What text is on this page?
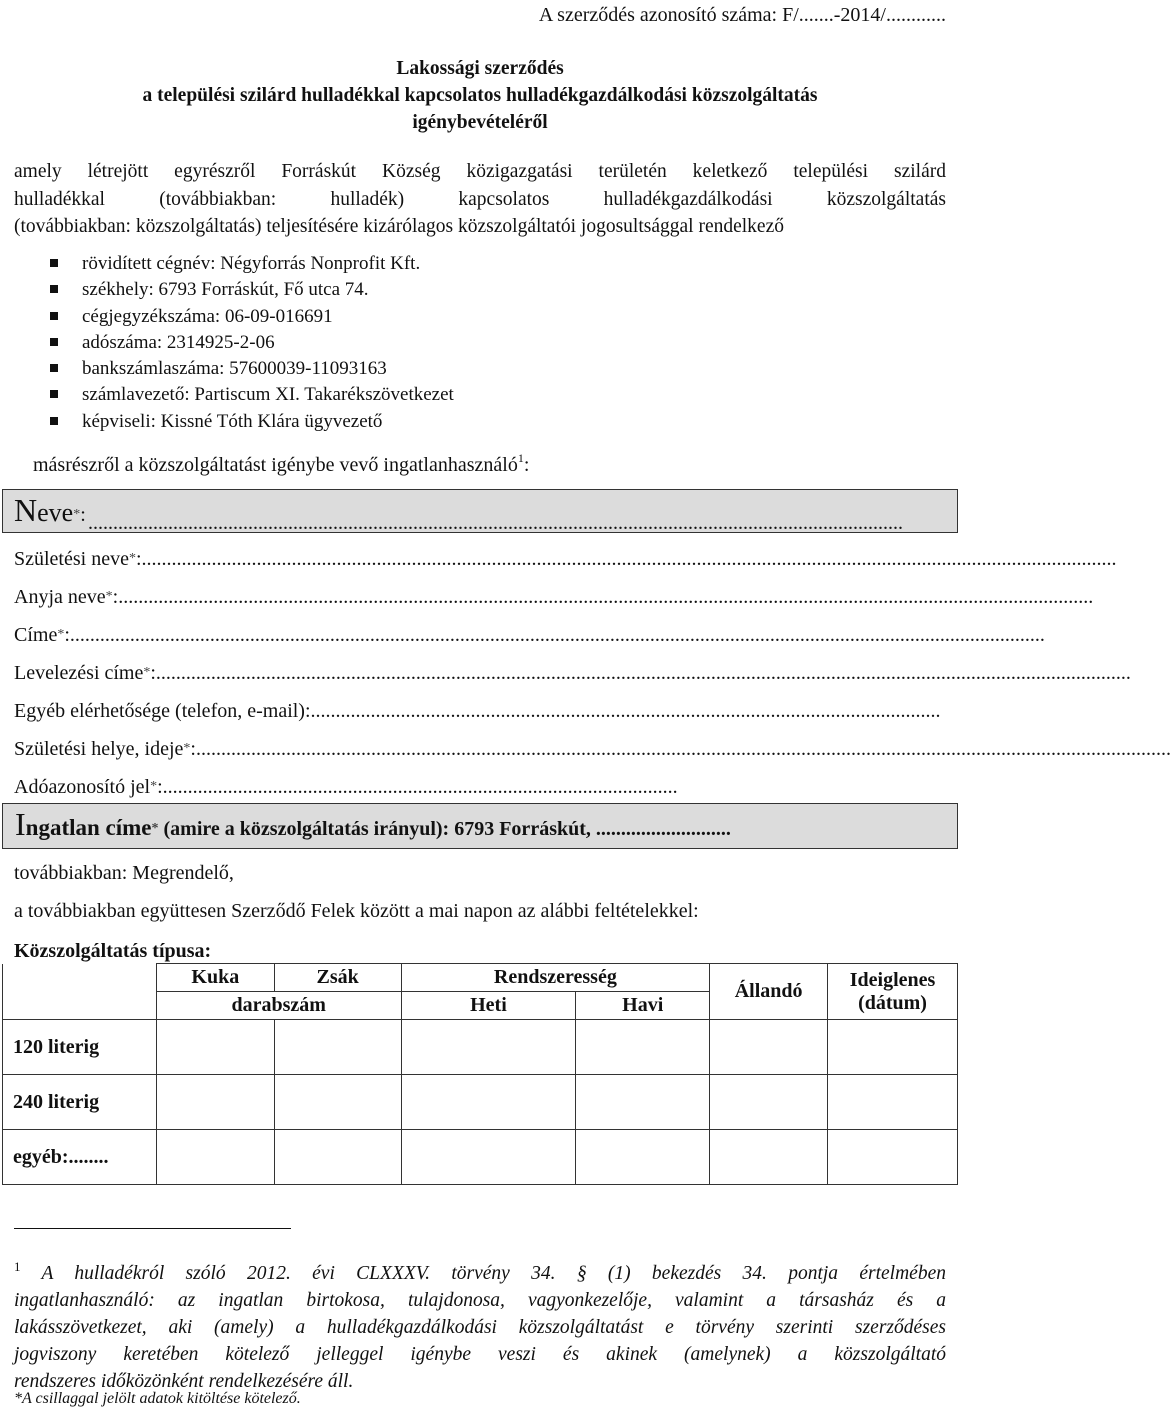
A szerződés azonosító száma: F/.......-2014/............
Lakossági szerződés
a települési szilárd hulladékkal kapcsolatos hulladékgazdálkodási közszolgáltatás
igénybevételéről
amely létrejött egyrészről Forráskút Község közigazgatási területén keletkező települési szilárd
hulladékkal (továbbiakban: hulladék) kapcsolatos hulladékgazdálkodási közszolgáltatás
(továbbiakban: közszolgáltatás) teljesítésére kizárólagos közszolgáltatói jogosultsággal rendelkező
rövidített cégnév: Négyforrás Nonprofit Kft.
székhely: 6793 Forráskút, Fő utca 74.
cégjegyzékszáma: 06-09-016691
adószáma: 2314925-2-06
bankszámlaszáma: 57600039-11093163
számlavezető: Partiscum XI. Takarékszövetkezet
képviseli: Kissné Tóth Klára ügyvezető
másrészről a közszolgáltatást igénybe vevő ingatlanhasználó$^1$:
Neve*: ...................................................................................................................................................................
Születési neve*:...................................................................................................................................................................................................
Anyja neve*:...................................................................................................................................................................................................
Címe*:...................................................................................................................................................................................................
Levelezési címe*:...................................................................................................................................................................................................
Egyéb elérhetősége (telefon, e-mail):..............................................................................................................................
Születési helye, ideje*:...................................................................................................................................................................................................
Adóazonosító jel*:.......................................................................................................
Ingatlan címe* (amire a közszolgáltatás irányul): 6793 Forráskút, ...........................
továbbiakban: Megrendelő,
a továbbiakban együttesen Szerződő Felek között a mai napon az alábbi feltételekkel:
Közszolgáltatás típusa:
	Kuka	Zsák	Rendszeresség		Állandó	Ideiglenes
(dátum)

	darabszám		Heti	Havi		
120 literig						
240 literig						
egyéb:........						
$^1$ A hulladékról szóló 2012. évi CLXXXV. törvény 34. § (1) bekezdés 34. pontja értelmében
ingatlanhasználó: az ingatlan birtokosa, tulajdonosa, vagyonkezelője, valamint a társasház és a
lakásszövetkezet, aki (amely) a hulladékgazdálkodási közszolgáltatást e törvény szerinti szerződéses
jogviszony keretében kötelező jelleggel igénybe veszi és akinek (amelynek) a közszolgáltató
rendszeres időközönként rendelkezésére áll.
*A csillaggal jelölt adatok kitöltése kötelező.
